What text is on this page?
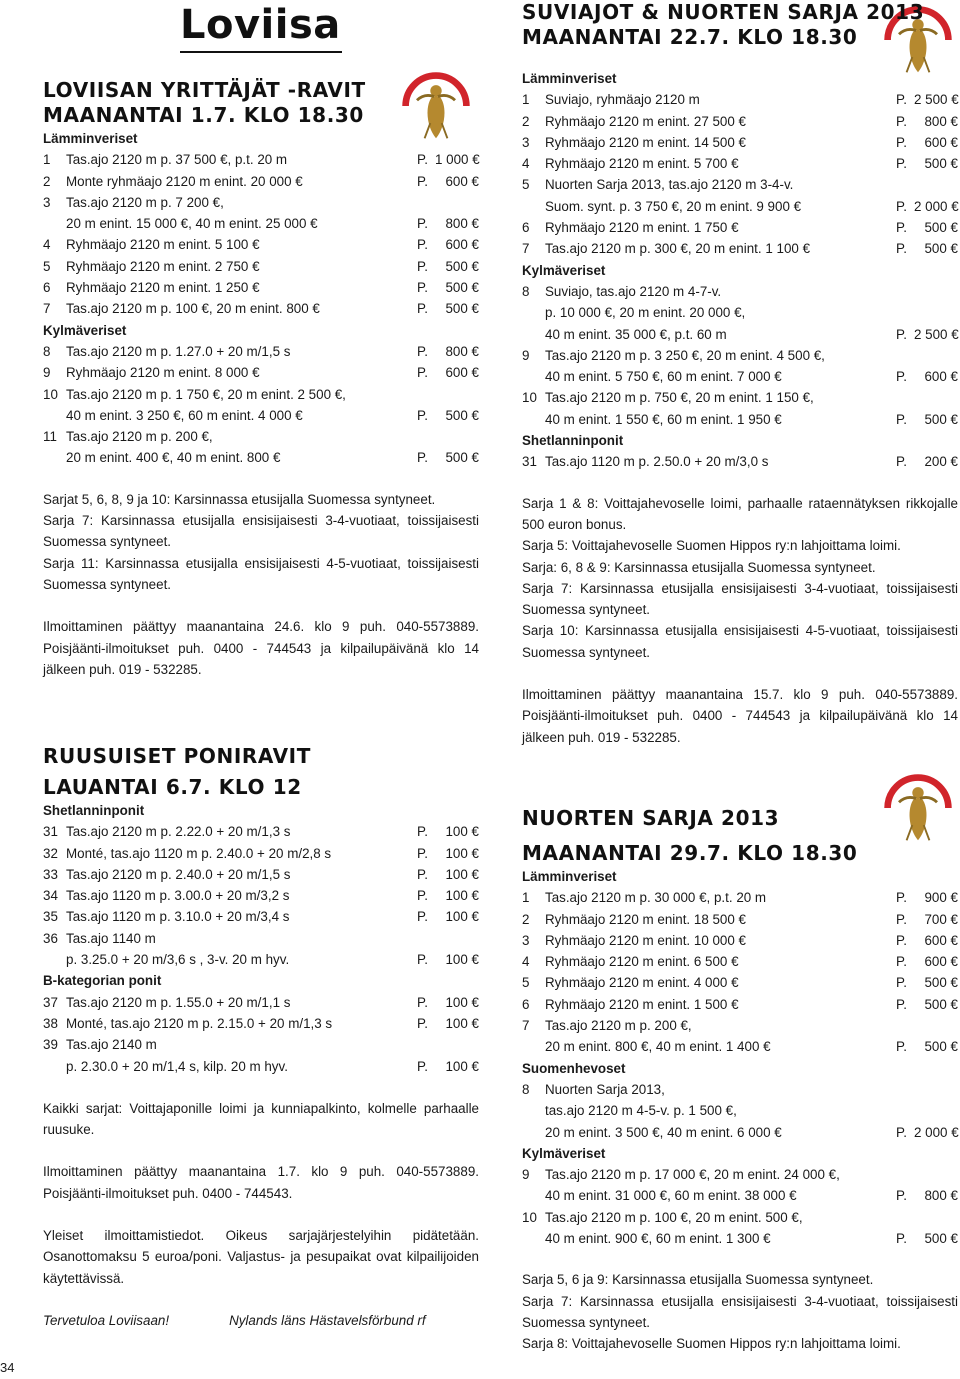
Loviisa
LOVIISAN YRITTÄJÄT -RAVIT
MAANANTAI 1.7. KLO 18.30
Lämminveriset
1	Tas.ajo 2120 m p. 37 500 €, p.t. 20 m	P. 1 000 €
2	Monte ryhmäajo 2120 m enint. 20 000 €	P.	600 €
3	Tas.ajo 2120 m p. 7 200 €,
20 m enint. 15 000 €, 40 m enint. 25 000 €	P.	800 €
4	Ryhmäajo 2120 m enint. 5 100 €	P.	600 €
5	Ryhmäajo 2120 m enint. 2 750 €	P.	500 €
6	Ryhmäajo 2120 m enint. 1 250 €	P.	500 €
7	Tas.ajo 2120 m p. 100 €, 20 m enint. 800 €	P.	500 €
Kylmäveriset
8	Tas.ajo 2120 m p. 1.27.0 + 20 m/1,5 s	P.	800 €
9	Ryhmäajo 2120 m enint. 8 000 €	P.	600 €
10 Tas.ajo 2120 m p. 1 750 €, 20 m enint. 2 500 €,
40 m enint. 3 250 €, 60 m enint. 4 000 €	P.	500 €
11 Tas.ajo 2120 m p. 200 €,
20 m enint. 400 €, 40 m enint. 800 €	P.	500 €
Sarjat 5, 6, 8, 9 ja 10: Karsinnassa etusijalla Suomessa syntyneet.
Sarja 7: Karsinnassa etusijalla ensisijaisesti 3-4-vuotiaat, toissijaisesti Suomessa syntyneet.
Sarja 11: Karsinnassa etusijalla ensisijaisesti 4-5-vuotiaat, toissijaisesti Suomessa syntyneet.
Ilmoittaminen päättyy maanantaina 24.6. klo 9 puh. 040-5573889. Poisjäänti-ilmoitukset puh. 0400 - 744543 ja kilpailupäivänä klo 14 jälkeen puh. 019 - 532285.
RUUSUISET PONIRAVIT
LAUANTAI 6.7. KLO 12
Shetlanninponit
31 Tas.ajo 2120 m p. 2.22.0 + 20 m/1,3 s	P.	100 €
32 Monté, tas.ajo 1120 m p. 2.40.0 + 20 m/2,8 s	P.	100 €
33 Tas.ajo 2120 m p. 2.40.0 + 20 m/1,5 s	P.	100 €
34 Tas.ajo 1120 m p. 3.00.0 + 20 m/3,2 s	P.	100 €
35 Tas.ajo 1120 m p. 3.10.0 + 20 m/3,4 s	P.	100 €
36 Tas.ajo 1140 m
p. 3.25.0 + 20 m/3,6 s , 3-v. 20 m hyv.	P.	100 €
B-kategorian ponit
37 Tas.ajo 2120 m p. 1.55.0 + 20 m/1,1 s	P.	100 €
38 Monté, tas.ajo 2120 m p. 2.15.0 + 20 m/1,3 s	P.	100 €
39 Tas.ajo 2140 m
p. 2.30.0 + 20 m/1,4 s, kilp. 20 m hyv.	P.	100 €
Kaikki sarjat: Voittajaponille loimi ja kunniapalkinto, kolmelle parhaalle ruusuke.
Ilmoittaminen päättyy maanantaina 1.7. klo 9 puh. 040-5573889. Poisjäänti-ilmoitukset puh. 0400 - 744543.
Yleiset ilmoittamistiedot. Oikeus sarjajärjestelyihin pidätetään. Osanottomaksu 5 euroa/poni. Valjastus- ja pesupaikat ovat kilpailijoiden käytettävissä.
Tervetuloa Loviisaan!	Nylands läns Hästavelsförbund rf
SUVIAJOT & NUORTEN SARJA 2013
MAANANTAI 22.7. KLO 18.30
Lämminveriset
1	Suviajo, ryhmäajo 2120 m	P. 2 500 €
2	Ryhmäajo 2120 m enint. 27 500 €	P.	800 €
3	Ryhmäajo 2120 m enint. 14 500 €	P.	600 €
4	Ryhmäajo 2120 m enint. 5 700 €	P.	500 €
5	Nuorten Sarja 2013, tas.ajo 2120 m 3-4-v.
Suom. synt. p. 3 750 €, 20 m enint. 9 900 €	P. 2 000 €
6	Ryhmäajo 2120 m enint. 1 750 €	P.	500 €
7	Tas.ajo 2120 m p. 300 €, 20 m enint. 1 100 €	P.	500 €
Kylmäveriset
8	Suviajo, tas.ajo 2120 m 4-7-v.
p. 10 000 €, 20 m enint. 20 000 €,
40 m enint. 35 000 €, p.t. 60 m	P. 2 500 €
9	Tas.ajo 2120 m p. 3 250 €, 20 m enint. 4 500 €,
40 m enint. 5 750 €, 60 m enint. 7 000 €	P.	600 €
10 Tas.ajo 2120 m p. 750 €, 20 m enint. 1 150 €,
40 m enint. 1 550 €, 60 m enint. 1 950 €	P.	500 €
Shetlanninponit
31 Tas.ajo 1120 m p. 2.50.0 + 20 m/3,0 s	P.	200 €
Sarja 1 & 8: Voittajahevoselle loimi, parhaalle rataennätyksen rikkojalle 500 euron bonus.
Sarja 5: Voittajahevoselle Suomen Hippos ry:n lahjoittama loimi.
Sarja: 6, 8 & 9: Karsinnassa etusijalla Suomessa syntyneet.
Sarja 7: Karsinnassa etusijalla ensisijaisesti 3-4-vuotiaat, toissijaisesti Suomessa syntyneet.
Sarja 10: Karsinnassa etusijalla ensisijaisesti 4-5-vuotiaat, toissijaisesti Suomessa syntyneet.
Ilmoittaminen päättyy maanantaina 15.7. klo 9 puh. 040-5573889. Poisjäänti-ilmoitukset puh. 0400 - 744543 ja kilpailupäivänä klo 14 jälkeen puh. 019 - 532285.
NUORTEN SARJA 2013
MAANANTAI 29.7. KLO 18.30
Lämminveriset
1	Tas.ajo 2120 m p. 30 000 €, p.t. 20 m	P.	900 €
2	Ryhmäajo 2120 m enint. 18 500 €	P.	700 €
3	Ryhmäajo 2120 m enint. 10 000 €	P.	600 €
4	Ryhmäajo 2120 m enint. 6 500 €	P.	600 €
5	Ryhmäajo 2120 m enint. 4 000 €	P.	500 €
6	Ryhmäajo 2120 m enint. 1 500 €	P.	500 €
7	Tas.ajo 2120 m p. 200 €,
20 m enint. 800 €, 40 m enint. 1 400 €	P.	500 €
Suomenhevoset
8	Nuorten Sarja 2013,
tas.ajo 2120 m 4-5-v. p. 1 500 €,
20 m enint. 3 500 €, 40 m enint. 6 000 €	P. 2 000 €
Kylmäveriset
9	Tas.ajo 2120 m p. 17 000 €, 20 m enint. 24 000 €,
40 m enint. 31 000 €, 60 m enint. 38 000 €	P.	800 €
10 Tas.ajo 2120 m p. 100 €, 20 m enint. 500 €,
40 m enint. 900 €, 60 m enint. 1 300 €	P.	500 €
Sarja 5, 6 ja 9: Karsinnassa etusijalla Suomessa syntyneet.
Sarja 7: Karsinnassa etusijalla ensisijaisesti 3-4-vuotiaat, toissijaisesti Suomessa syntyneet.
Sarja 8: Voittajahevoselle Suomen Hippos ry:n lahjoittama loimi.
34
